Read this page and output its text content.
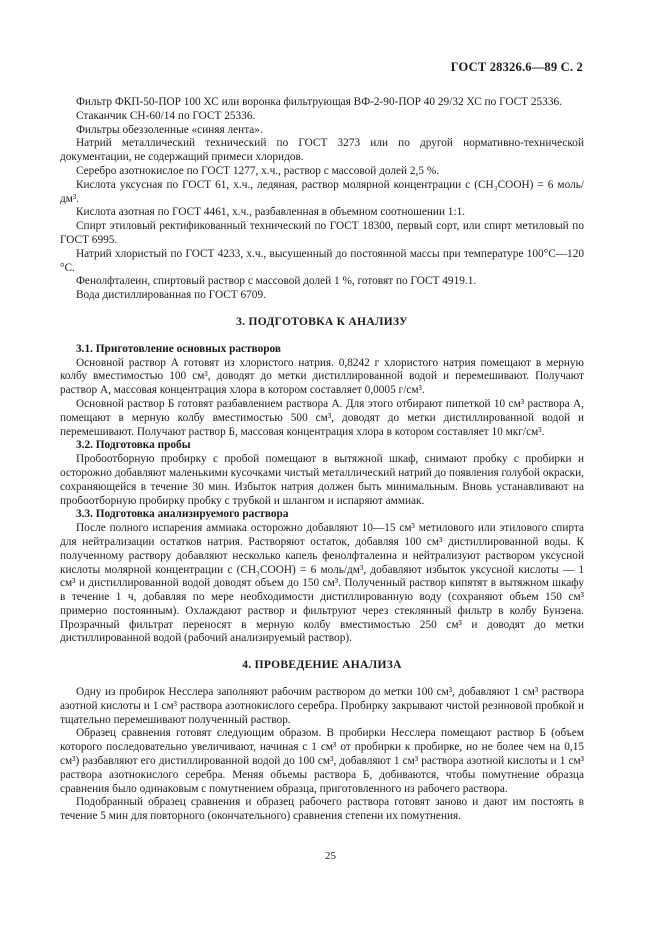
ГОСТ 28326.6—89 С. 2

Фильтр ФКП-50-ПОР 100 ХС или воронка фильтрующая ВФ-2-90-ПОР 40 29/32 ХС по ГОСТ 25336.

Стаканчик СН-60/14 по ГОСТ 25336.

Фильтры обеззоленные «синяя лента».

Натрий металлический технический по ГОСТ 3273 или по другой нормативно-технической документации, не содержащий примеси хлоридов.

Серебро азотнокислое по ГОСТ 1277, х.ч., раствор с массовой долей 2,5 %.

Кислота уксусная по ГОСТ 61, х.ч., ледяная, раствор молярной концентрации c (CH₃COOH) = 6 моль/дм³.

Кислота азотная по ГОСТ 4461, х.ч., разбавленная в объемном соотношении 1:1.

Спирт этиловый ректификованный технический по ГОСТ 18300, первый сорт, или спирт метиловый по ГОСТ 6995.

Натрий хлористый по ГОСТ 4233, х.ч., высушенный до постоянной массы при температуре 100°С—120 °С.

Фенолфталеин, спиртовый раствор с массовой долей 1 %, готовят по ГОСТ 4919.1.

Вода дистиллированная по ГОСТ 6709.

3. ПОДГОТОВКА К АНАЛИЗУ
3.1. Приготовление основных растворов

Основной раствор А готовят из хлористого натрия. 0,8242 г хлористого натрия помещают в мерную колбу вместимостью 100 см³, доводят до метки дистиллированной водой и перемешивают. Получают раствор А, массовая концентрация хлора в котором составляет 0,0005 г/см³.

Основной раствор Б готовят разбавлением раствора А. Для этого отбирают пипеткой 10 см³ раствора А, помещают в мерную колбу вместимостью 500 см³, доводят до метки дистиллированной водой и перемешивают. Получают раствор Б, массовая концентрация хлора в котором составляет 10 мкг/см³.

3.2. Подготовка пробы

Пробоотборную пробирку с пробой помещают в вытяжной шкаф, снимают пробку с пробирки и осторожно добавляют маленькими кусочками чистый металлический натрий до появления голубой окраски, сохраняющейся в течение 30 мин. Избыток натрия должен быть минимальным. Вновь устанавливают на пробоотборную пробирку пробку с трубкой и шлангом и испаряют аммиак.

3.3. Подготовка анализируемого раствора

После полного испарения аммиака осторожно добавляют 10—15 см³ метилового или этилового спирта для нейтрализации остатков натрия. Растворяют остаток, добавляя 100 см³ дистиллированной воды. К полученному раствору добавляют несколько капель фенолфталеина и нейтрализуют раствором уксусной кислоты молярной концентрации c (CH₃COOH) = 6 моль/дм³, добавляют избыток уксусной кислоты — 1 см³ и дистиллированной водой доводят объем до 150 см³. Полученный раствор кипятят в вытяжном шкафу в течение 1 ч, добавляя по мере необходимости дистиллированную воду (сохраняют объем 150 см³ примерно постоянным). Охлаждают раствор и фильтруют через стеклянный фильтр в колбу Бунзена. Прозрачный фильтрат переносят в мерную колбу вместимостью 250 см³ и доводят до метки дистиллированной водой (рабочий анализируемый раствор).

4. ПРОВЕДЕНИЕ АНАЛИЗА

Одну из пробирок Несслера заполняют рабочим раствором до метки 100 см³, добавляют 1 см³ раствора азотной кислоты и 1 см³ раствора азотнокислого серебра. Пробирку закрывают чистой резиновой пробкой и тщательно перемешивают полученный раствор.

Образец сравнения готовят следующим образом. В пробирки Несслера помещают раствор Б (объем которого последовательно увеличивают, начиная с 1 см³ от пробирки к пробирке, но не более чем на 0,15 см³) разбавляют его дистиллированной водой до 100 см³, добавляют 1 см³ раствора азотной кислоты и 1 см³ раствора азотнокислого серебра. Меняя объемы раствора Б, добиваются, чтобы помутнение образца сравнения было одинаковым с помутнением образца, приготовленного из рабочего раствора.

Подобранный образец сравнения и образец рабочего раствора готовят заново и дают им постоять в течение 5 мин для повторного (окончательного) сравнения степени их помутнения.

25
